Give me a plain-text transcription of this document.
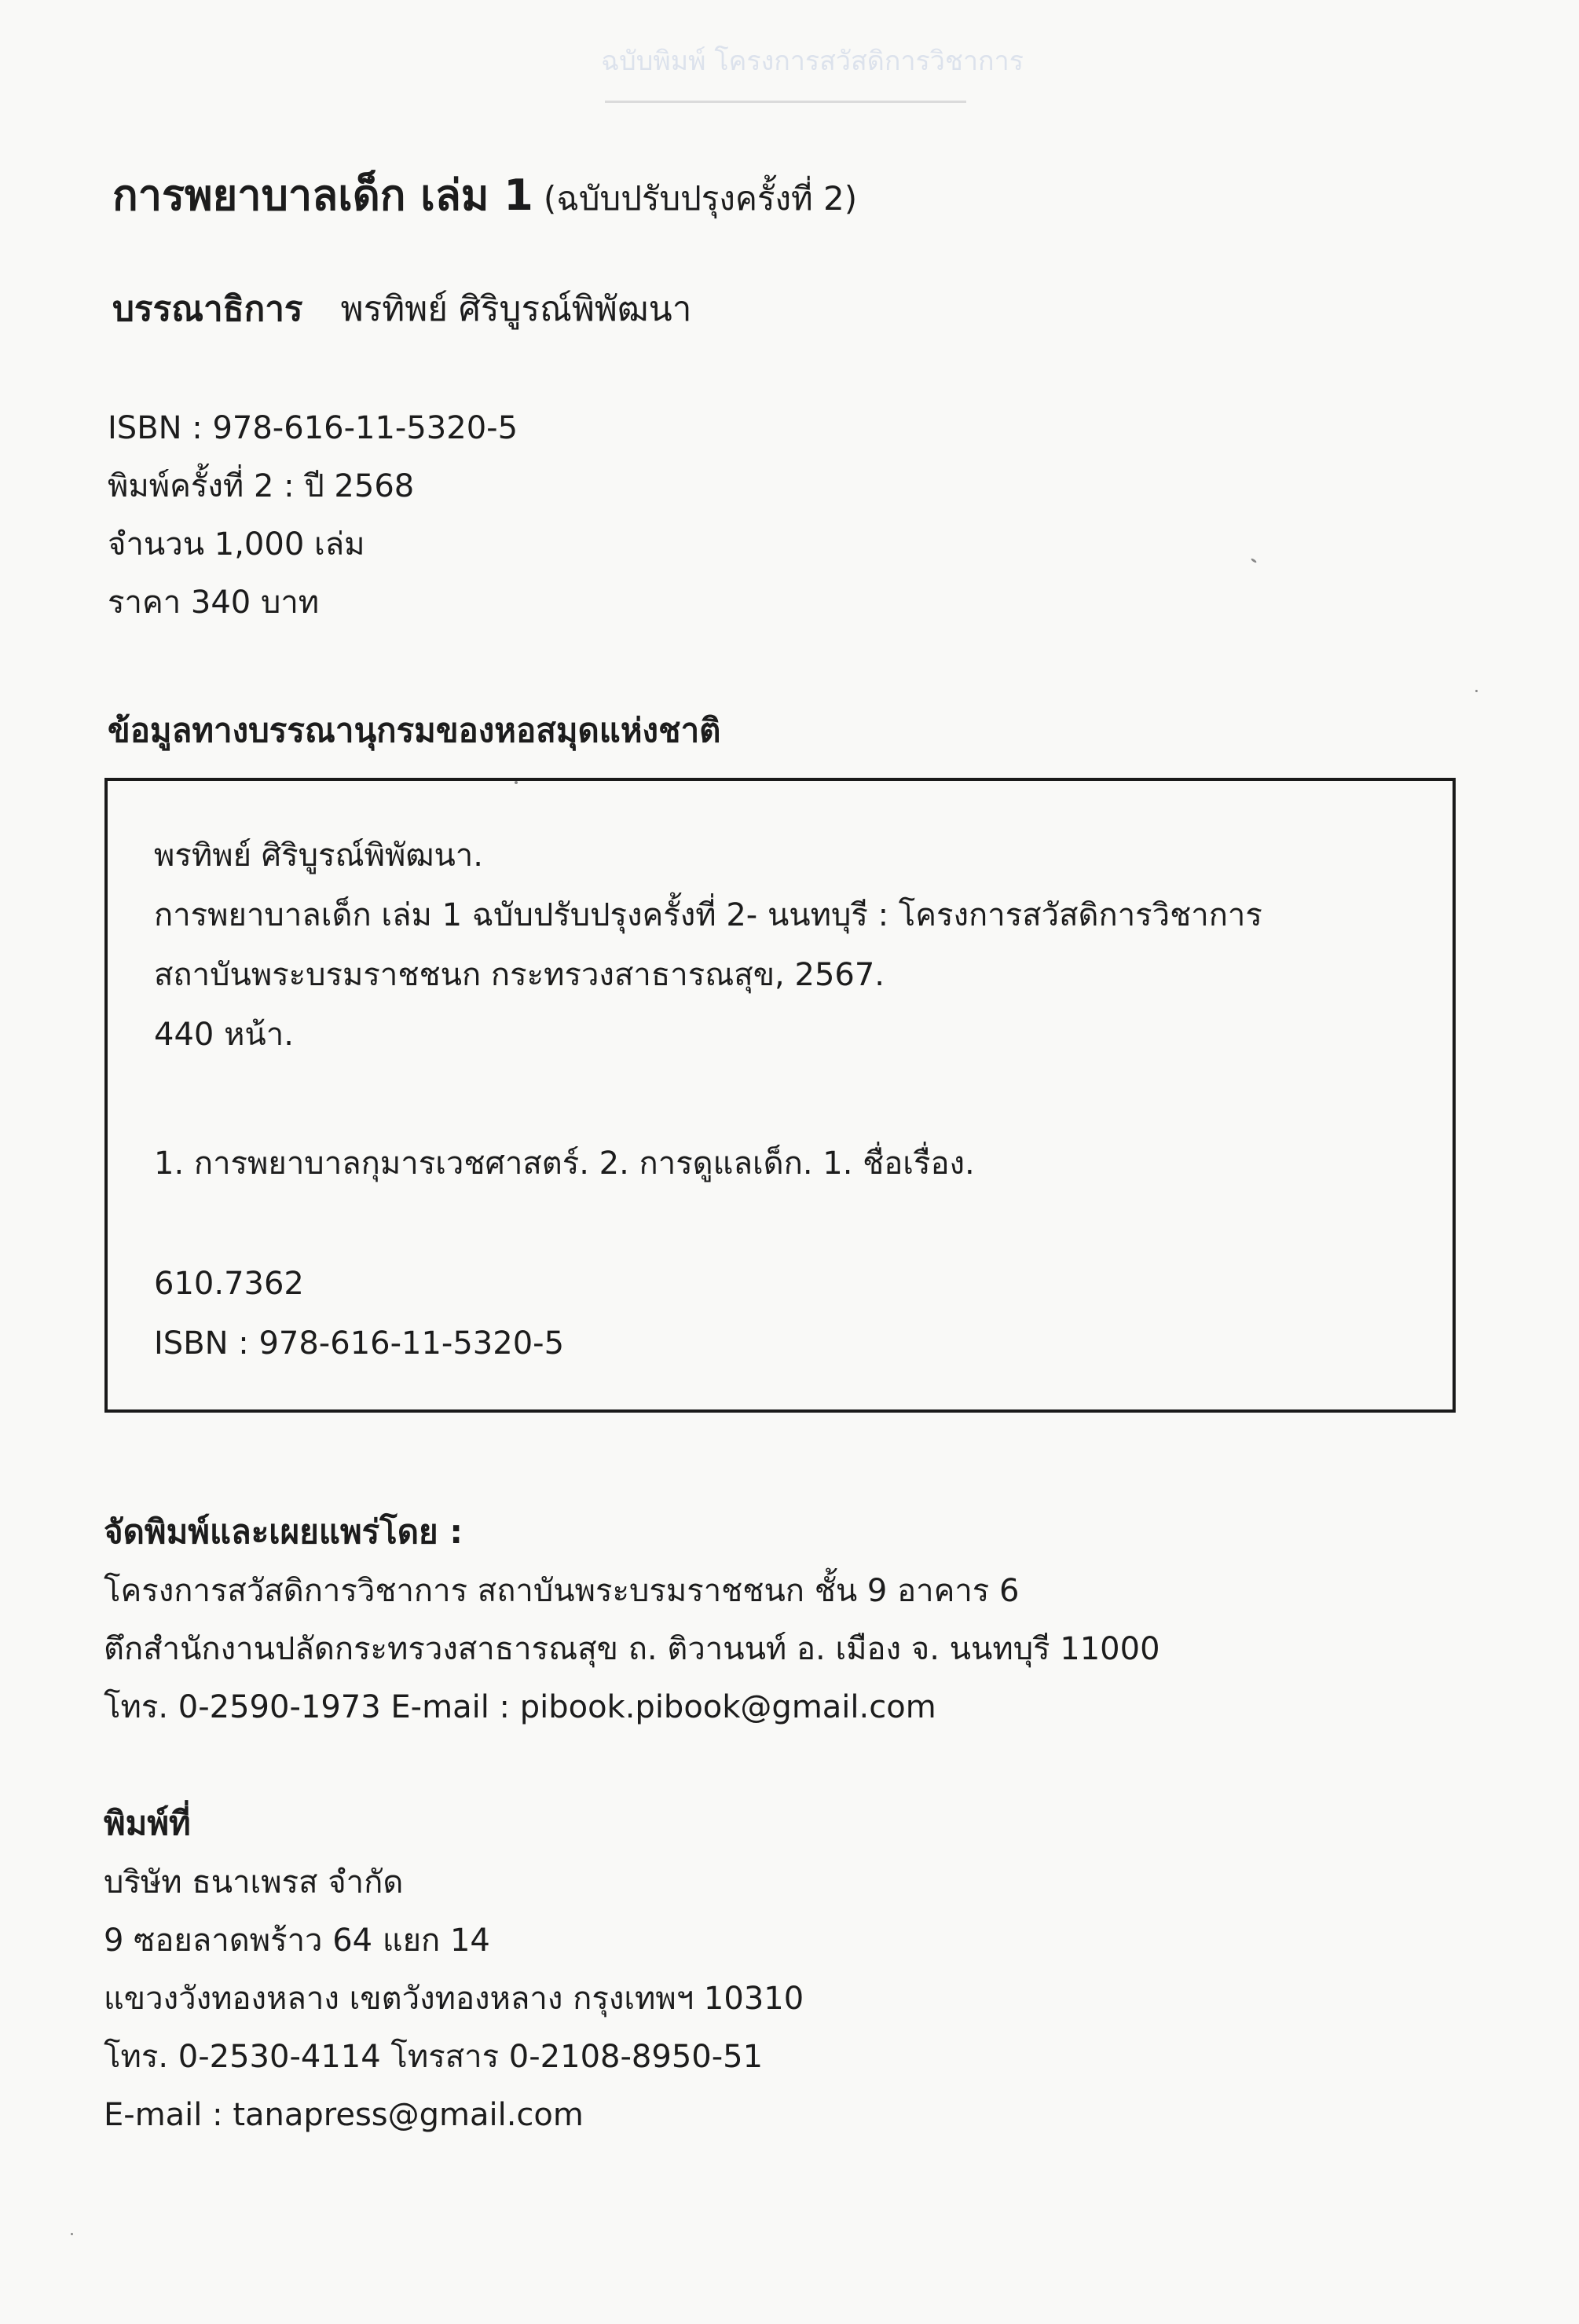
ฉบับพิมพ์ โครงการสวัสดิการวิชาการ
การพยาบาลเด็ก เล่ม 1 (ฉบับปรับปรุงครั้งที่ 2)
บรรณาธิการ พรทิพย์ ศิริบูรณ์พิพัฒนา
ISBN : 978-616-11-5320-5
พิมพ์ครั้งที่ 2 : ปี 2568
จำนวน 1,000 เล่ม
ราคา 340 บาท
ข้อมูลทางบรรณานุกรมของหอสมุดแห่งชาติ
พรทิพย์ ศิริบูรณ์พิพัฒนา.
การพยาบาลเด็ก เล่ม 1 ฉบับปรับปรุงครั้งที่ 2- นนทบุรี : โครงการสวัสดิการวิชาการ
สถาบันพระบรมราชชนก กระทรวงสาธารณสุข, 2567.
440 หน้า.
1. การพยาบาลกุมารเวชศาสตร์. 2. การดูแลเด็ก. 1. ชื่อเรื่อง.
610.7362
ISBN : 978-616-11-5320-5
จัดพิมพ์และเผยแพร่โดย :
โครงการสวัสดิการวิชาการ สถาบันพระบรมราชชนก ชั้น 9 อาคาร 6
ตึกสำนักงานปลัดกระทรวงสาธารณสุข ถ. ติวานนท์ อ. เมือง จ. นนทบุรี 11000
โทร. 0-2590-1973 E-mail : pibook.pibook@gmail.com
พิมพ์ที่
บริษัท ธนาเพรส จำกัด
9 ซอยลาดพร้าว 64 แยก 14
แขวงวังทองหลาง เขตวังทองหลาง กรุงเทพฯ 10310
โทร. 0-2530-4114 โทรสาร 0-2108-8950-51
E-mail : tanapress@gmail.com
